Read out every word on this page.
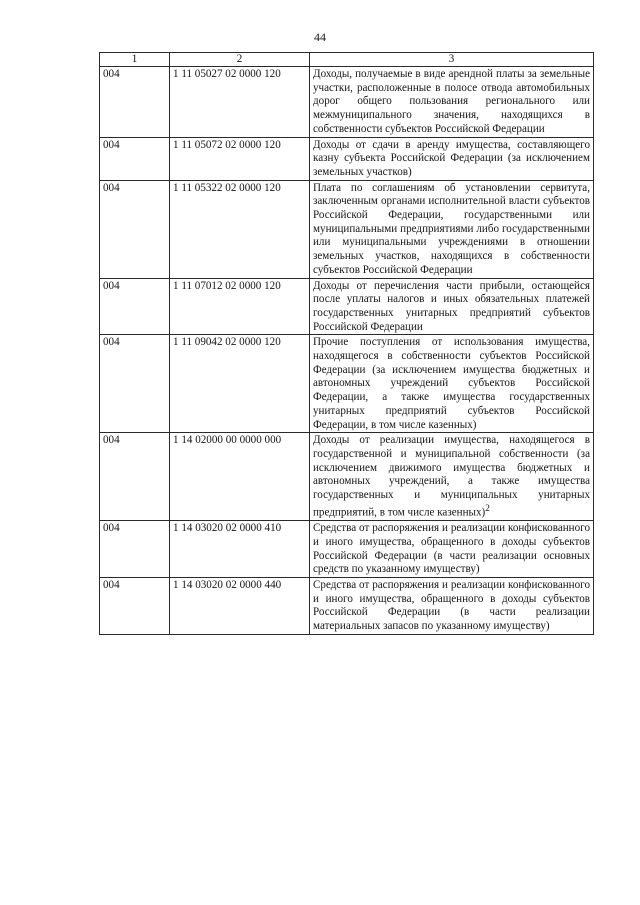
44
1	2	3
004	1 11 05027 02 0000 120	Доходы, получаемые в виде арендной платы за земельные участки, расположенные в полосе отвода автомобильных дорог общего пользования регионального или межмуниципального значения, находящихся в собственности субъектов Российской Федерации
004	1 11 05072 02 0000 120	Доходы от сдачи в аренду имущества, составляющего казну субъекта Российской Федерации (за исключением земельных участков)
004	1 11 05322 02 0000 120	Плата по соглашениям об установлении сервитута, заключенным органами исполнительной власти субъектов Российской Федерации, государственными или муниципальными предприятиями либо государственными или муниципальными учреждениями в отношении земельных участков, находящихся в собственности субъектов Российской Федерации
004	1 11 07012 02 0000 120	Доходы от перечисления части прибыли, остающейся после уплаты налогов и иных обязательных платежей государственных унитарных предприятий субъектов Российской Федерации
004	1 11 09042 02 0000 120	Прочие поступления от использования имущества, находящегося в собственности субъектов Российской Федерации (за исключением имущества бюджетных и автономных учреждений субъектов Российской Федерации, а также имущества государственных унитарных предприятий субъектов Российской Федерации, в том числе казенных)
004	1 14 02000 00 0000 000	Доходы от реализации имущества, находящегося в государственной и муниципальной собственности (за исключением движимого имущества бюджетных и автономных учреждений, а также имущества государственных и муниципальных унитарных предприятий, в том числе казенных)$^2$
004	1 14 03020 02 0000 410	Средства от распоряжения и реализации конфискованного и иного имущества, обращенного в доходы субъектов Российской Федерации (в части реализации основных средств по указанному имуществу)
004	1 14 03020 02 0000 440	Средства от распоряжения и реализации конфискованного и иного имущества, обращенного в доходы субъектов Российской Федерации (в части реализации материальных запасов по указанному имуществу)
